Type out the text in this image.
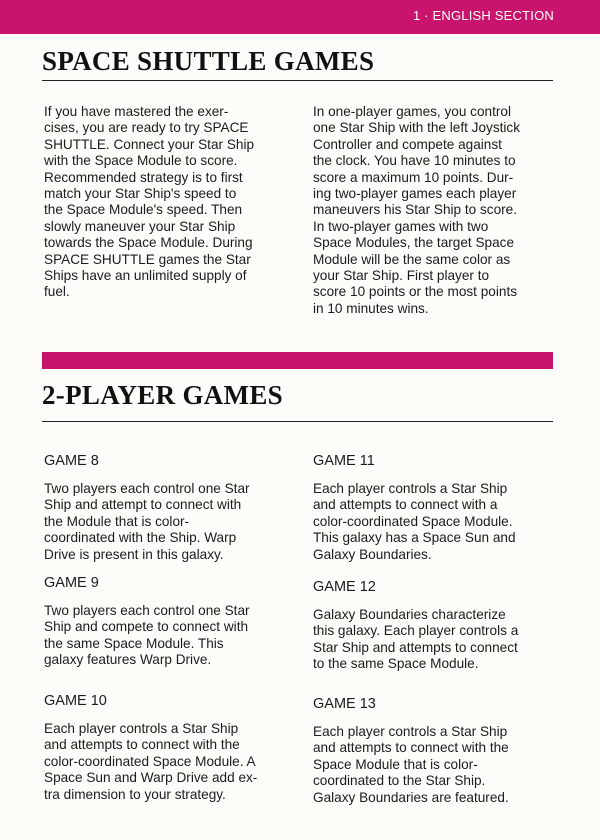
1 · ENGLISH SECTION
SPACE SHUTTLE GAMES

If you have mastered the exer-
cises, you are ready to try SPACE
SHUTTLE. Connect your Star Ship
with the Space Module to score.
Recommended strategy is to first
match your Star Ship's speed to
the Space Module's speed. Then
slowly maneuver your Star Ship
towards the Space Module. During
SPACE SHUTTLE games the Star
Ships have an unlimited supply of
fuel.

In one-player games, you control
one Star Ship with the left Joystick
Controller and compete against
the clock. You have 10 minutes to
score a maximum 10 points. Dur-
ing two-player games each player
maneuvers his Star Ship to score.
In two-player games with two
Space Modules, the target Space
Module will be the same color as
your Star Ship. First player to
score 10 points or the most points
in 10 minutes wins.

2-PLAYER GAMES
GAME 8

Two players each control one Star
Ship and attempt to connect with
the Module that is color-
coordinated with the Ship. Warp
Drive is present in this galaxy.

GAME 9

Two players each control one Star
Ship and compete to connect with
the same Space Module. This
galaxy features Warp Drive.

GAME 10

Each player controls a Star Ship
and attempts to connect with the
color-coordinated Space Module. A
Space Sun and Warp Drive add ex-
tra dimension to your strategy.

GAME 11

Each player controls a Star Ship
and attempts to connect with a
color-coordinated Space Module.
This galaxy has a Space Sun and
Galaxy Boundaries.

GAME 12

Galaxy Boundaries characterize
this galaxy. Each player controls a
Star Ship and attempts to connect
to the same Space Module.

GAME 13

Each player controls a Star Ship
and attempts to connect with the
Space Module that is color-
coordinated to the Star Ship.
Galaxy Boundaries are featured.
